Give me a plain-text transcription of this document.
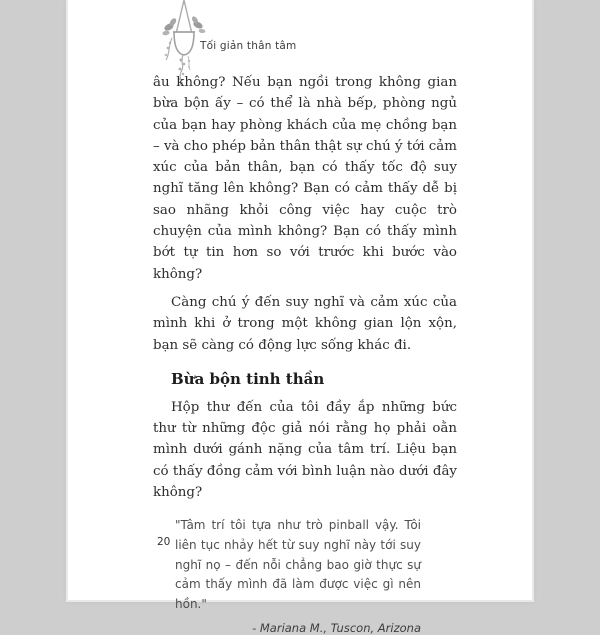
Tối giản thân tâm

âu không? Nếu bạn ngồi trong không gian bừa bộn ấy – có thể là nhà bếp, phòng ngủ của bạn hay phòng khách của mẹ chồng bạn – và cho phép bản thân thật sự chú ý tới cảm xúc của bản thân, bạn có thấy tốc độ suy nghĩ tăng lên không? Bạn có cảm thấy dễ bị sao nhãng khỏi công việc hay cuộc trò chuyện của mình không? Bạn có thấy mình bớt tự tin hơn so với trước khi bước vào không?

Càng chú ý đến suy nghĩ và cảm xúc của mình khi ở trong một không gian lộn xộn, bạn sẽ càng có động lực sống khác đi.

Bừa bộn tinh thần

Hộp thư đến của tôi đầy ắp những bức thư từ những độc giả nói rằng họ phải oằn mình dưới gánh nặng của tâm trí. Liệu bạn có thấy đồng cảm với bình luận nào dưới đây không?

"Tâm trí tôi tựa như trò pinball vậy. Tôi liên tục nhảy hết từ suy nghĩ này tới suy nghĩ nọ – đến nỗi chẳng bao giờ thực sự cảm thấy mình đã làm được việc gì nên hồn."
- Mariana M., Tuscon, Arizona
20
